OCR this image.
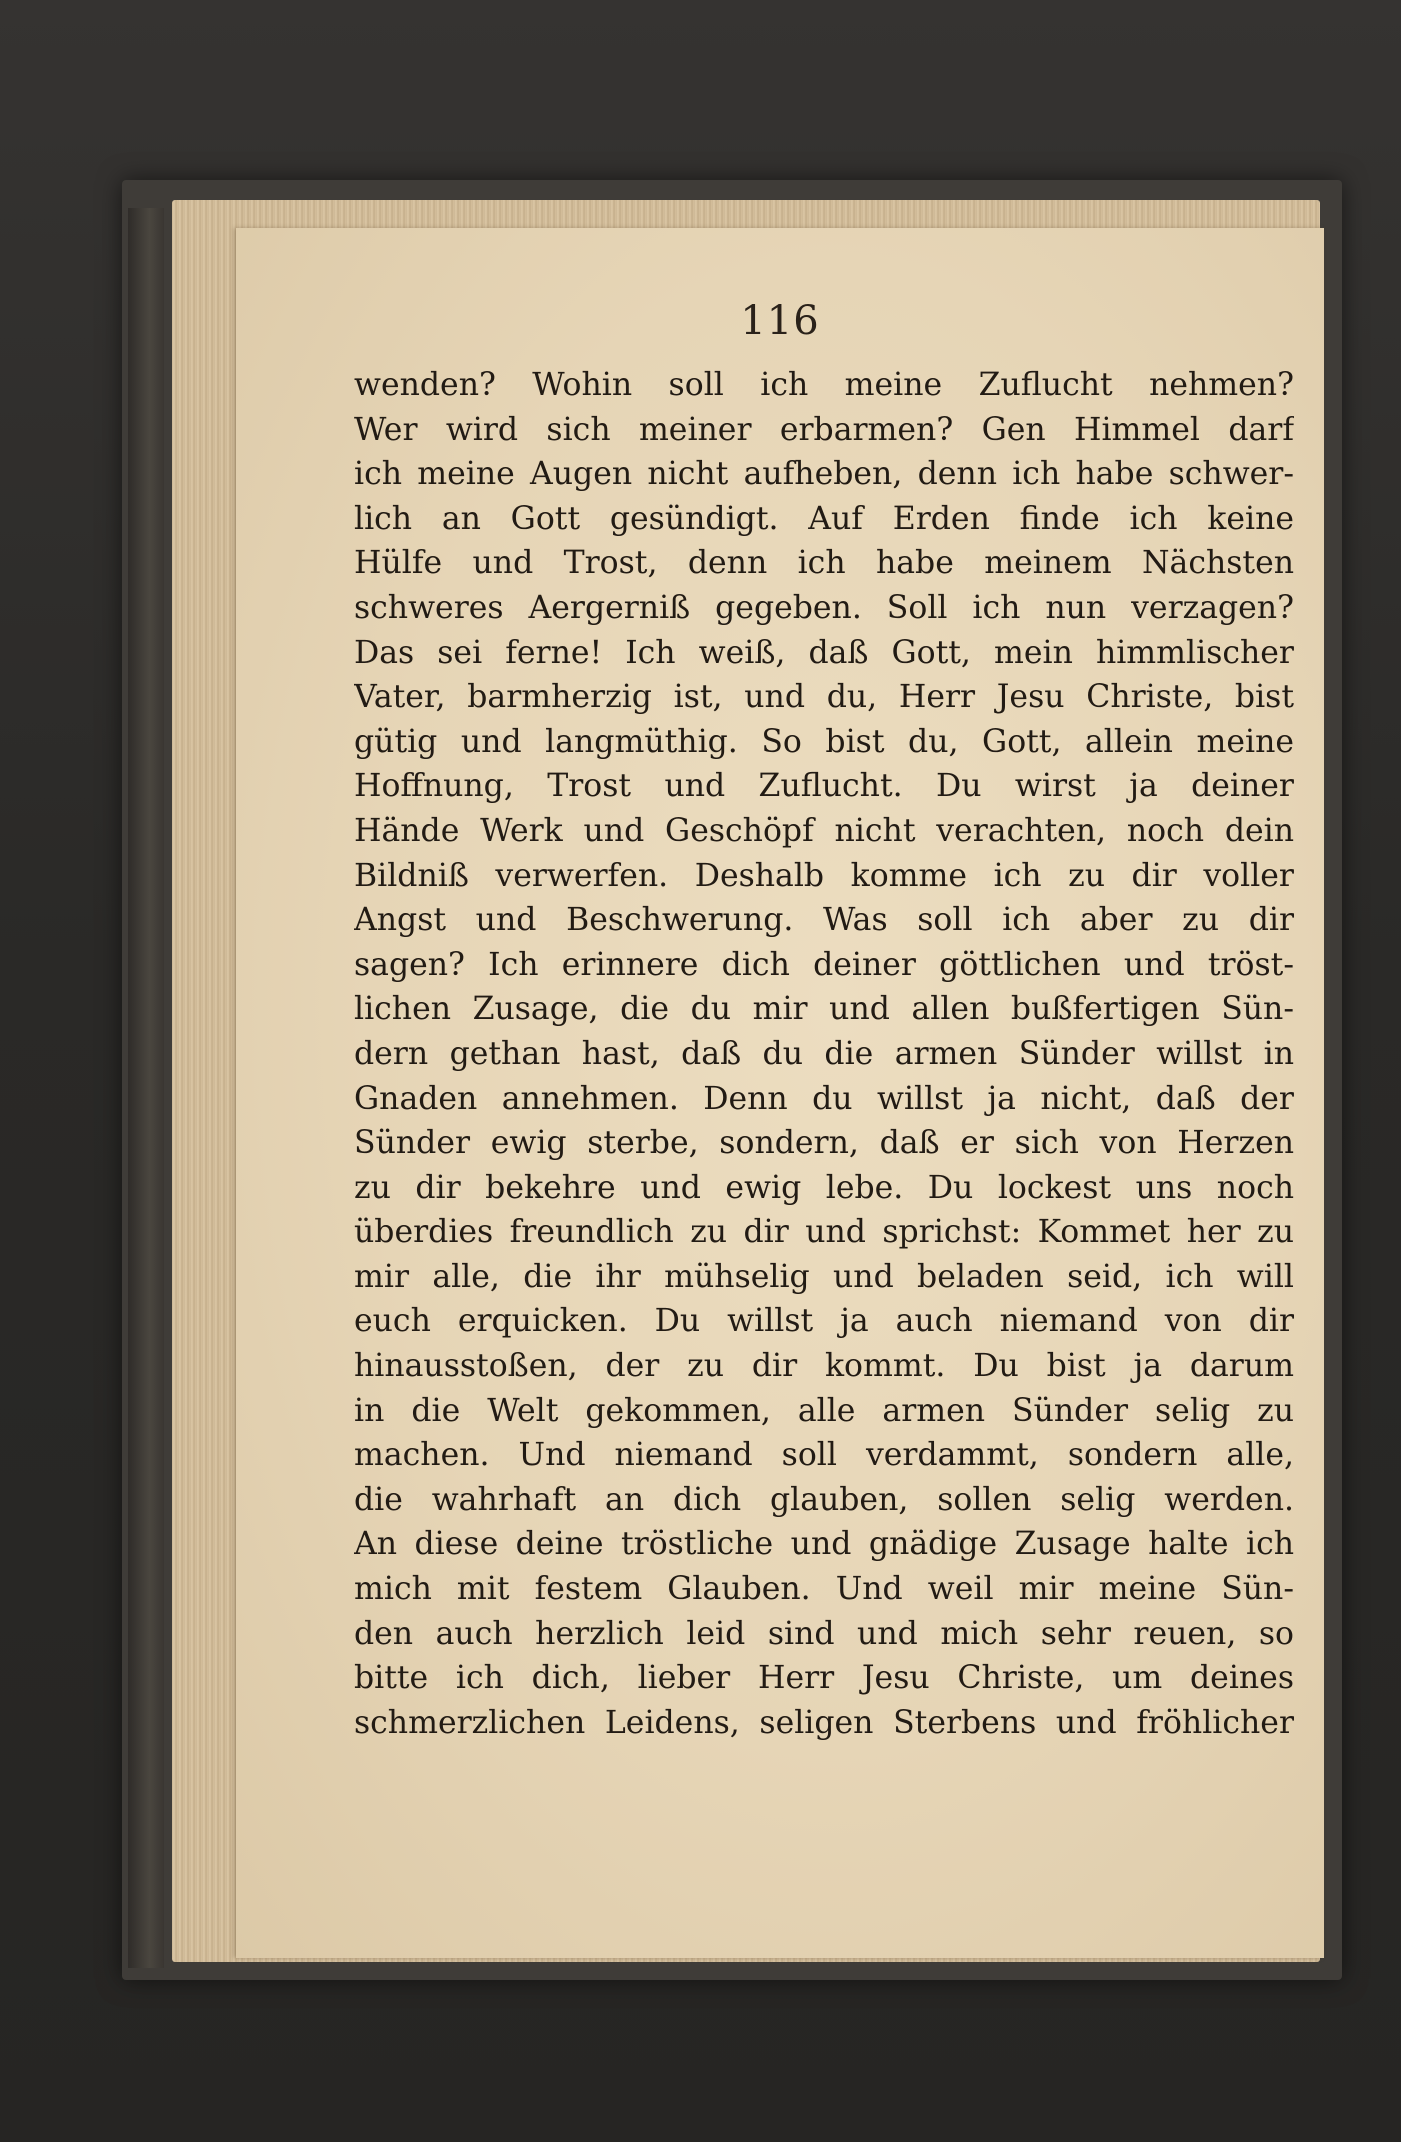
116
wenden? Wohin soll ich meine Zuflucht nehmen?
Wer wird sich meiner erbarmen? Gen Himmel darf
ich meine Augen nicht aufheben, denn ich habe schwer-
lich an Gott gesündigt. Auf Erden finde ich keine
Hülfe und Trost, denn ich habe meinem Nächsten
schweres Aergerniß gegeben. Soll ich nun verzagen?
Das sei ferne! Ich weiß, daß Gott, mein himmlischer
Vater, barmherzig ist, und du, Herr Jesu Christe, bist
gütig und langmüthig. So bist du, Gott, allein meine
Hoffnung, Trost und Zuflucht. Du wirst ja deiner
Hände Werk und Geschöpf nicht verachten, noch dein
Bildniß verwerfen. Deshalb komme ich zu dir voller
Angst und Beschwerung. Was soll ich aber zu dir
sagen? Ich erinnere dich deiner göttlichen und tröst-
lichen Zusage, die du mir und allen bußfertigen Sün-
dern gethan hast, daß du die armen Sünder willst in
Gnaden annehmen. Denn du willst ja nicht, daß der
Sünder ewig sterbe, sondern, daß er sich von Herzen
zu dir bekehre und ewig lebe. Du lockest uns noch
überdies freundlich zu dir und sprichst: Kommet her zu
mir alle, die ihr mühselig und beladen seid, ich will
euch erquicken. Du willst ja auch niemand von dir
hinausstoßen, der zu dir kommt. Du bist ja darum
in die Welt gekommen, alle armen Sünder selig zu
machen. Und niemand soll verdammt, sondern alle,
die wahrhaft an dich glauben, sollen selig werden.
An diese deine tröstliche und gnädige Zusage halte ich
mich mit festem Glauben. Und weil mir meine Sün-
den auch herzlich leid sind und mich sehr reuen, so
bitte ich dich, lieber Herr Jesu Christe, um deines
schmerzlichen Leidens, seligen Sterbens und fröhlicher
